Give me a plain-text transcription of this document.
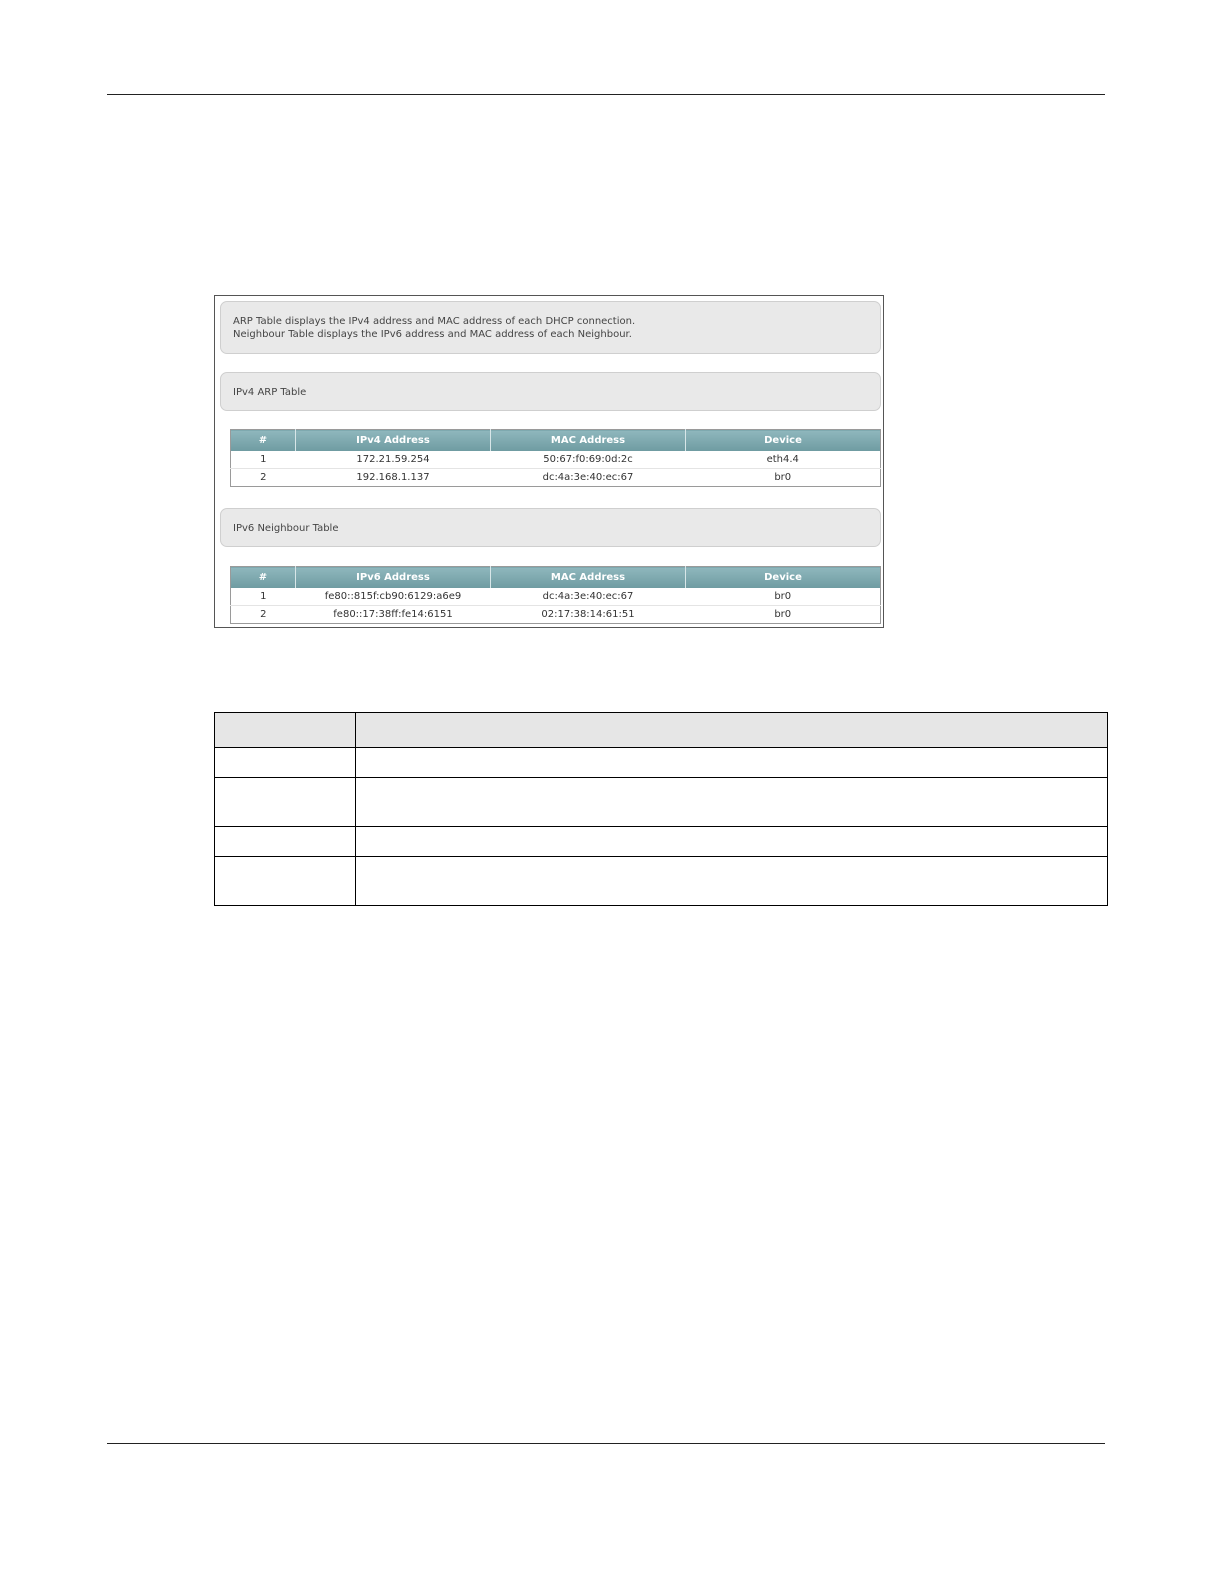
ARP Table displays the IPv4 address and MAC address of each DHCP connection.
Neighbour Table displays the IPv6 address and MAC address of each Neighbour.
IPv4 ARP Table
#	IPv4 Address	MAC Address	Device
1	172.21.59.254	50:67:f0:69:0d:2c	eth4.4
2	192.168.1.137	dc:4a:3e:40:ec:67	br0
IPv6 Neighbour Table
#	IPv6 Address	MAC Address	Device
1	fe80::815f:cb90:6129:a6e9	dc:4a:3e:40:ec:67	br0
2	fe80::17:38ff:fe14:6151	02:17:38:14:61:51	br0
